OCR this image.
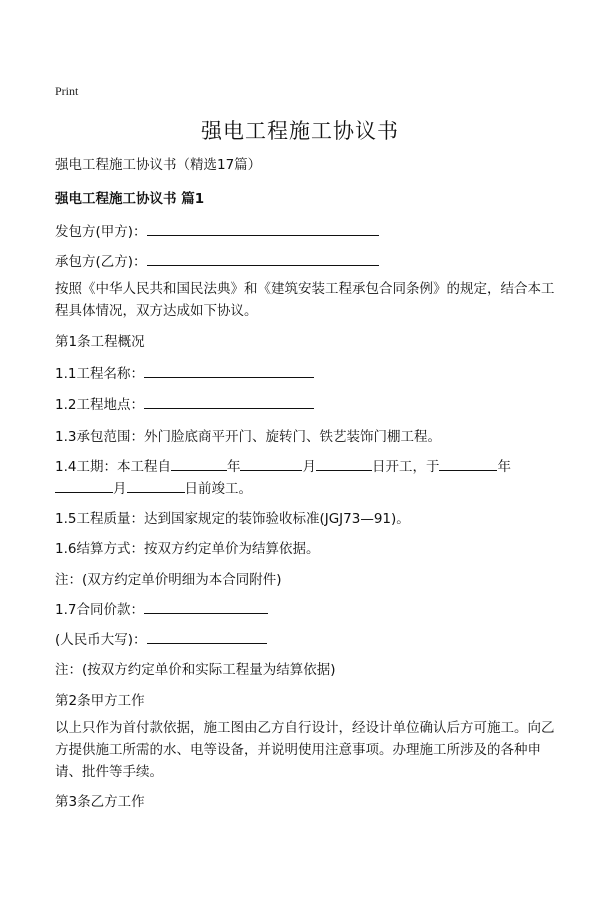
Print
强电工程施工协议书
强电工程施工协议书（精选17篇）
强电工程施工协议书 篇1
发包方(甲方)：
承包方(乙方)：
按照《中华人民共和国民法典》和《建筑安装工程承包合同条例》的规定，结合本工程具体情况，双方达成如下协议。
第1条工程概况
1.1工程名称：
1.2工程地点：
1.3承包范围：外门脸底商平开门、旋转门、铁艺装饰门棚工程。
1.4工期：本工程自	年	月	日开工，于	年
月	日前竣工。
1.5工程质量：达到国家规定的装饰验收标准(JGJ73—91)。
1.6结算方式：按双方约定单价为结算依据。
注：(双方约定单价明细为本合同附件)
1.7合同价款：
(人民币大写)：
注：(按双方约定单价和实际工程量为结算依据)
第2条甲方工作
以上只作为首付款依据，施工图由乙方自行设计，经设计单位确认后方可施工。向乙方提供施工所需的水、电等设备，并说明使用注意事项。办理施工所涉及的各种申请、批件等手续。
第3条乙方工作
